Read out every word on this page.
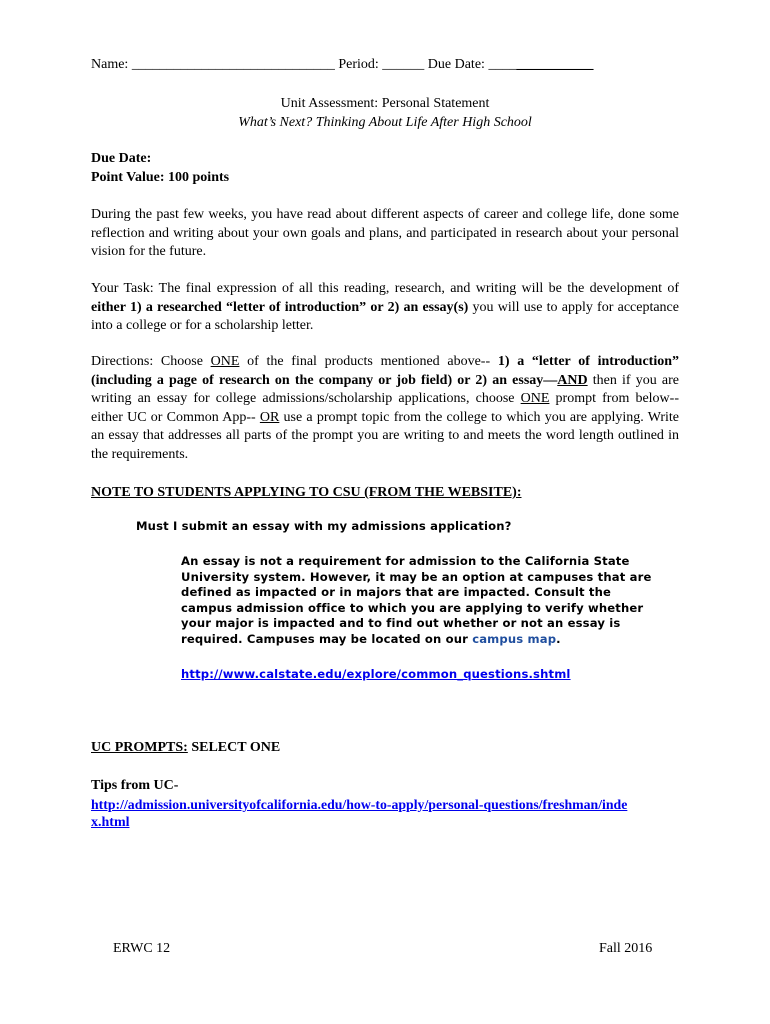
Name: _____________________________ Period: ______ Due Date: _______________
Unit Assessment: Personal Statement
What’s Next? Thinking About Life After High School
Due Date:
Point Value: 100 points
During the past few weeks, you have read about different aspects of career and college life, done some reflection and writing about your own goals and plans, and participated in research about your personal vision for the future.
Your Task: The final expression of all this reading, research, and writing will be the development of either 1) a researched “letter of introduction” or 2) an essay(s) you will use to apply for acceptance into a college or for a scholarship letter.
Directions: Choose ONE of the final products mentioned above-- 1) a “letter of introduction” (including a page of research on the company or job field) or 2) an essay—AND then if you are writing an essay for college admissions/scholarship applications, choose ONE prompt from below-- either UC or Common App-- OR use a prompt topic from the college to which you are applying. Write an essay that addresses all parts of the prompt you are writing to and meets the word length outlined in the requirements.
NOTE TO STUDENTS APPLYING TO CSU (FROM THE WEBSITE):
Must I submit an essay with my admissions application?
An essay is not a requirement for admission to the California State
University system. However, it may be an option at campuses that are
defined as impacted or in majors that are impacted. Consult the
campus admission office to which you are applying to verify whether
your major is impacted and to find out whether or not an essay is
required. Campuses may be located on our campus map.
http://www.calstate.edu/explore/common_questions.shtml
UC PROMPTS: SELECT ONE
Tips from UC-
http://admission.universityofcalifornia.edu/how-to-apply/personal-questions/freshman/inde
x.html
ERWC 12	Fall 2016
